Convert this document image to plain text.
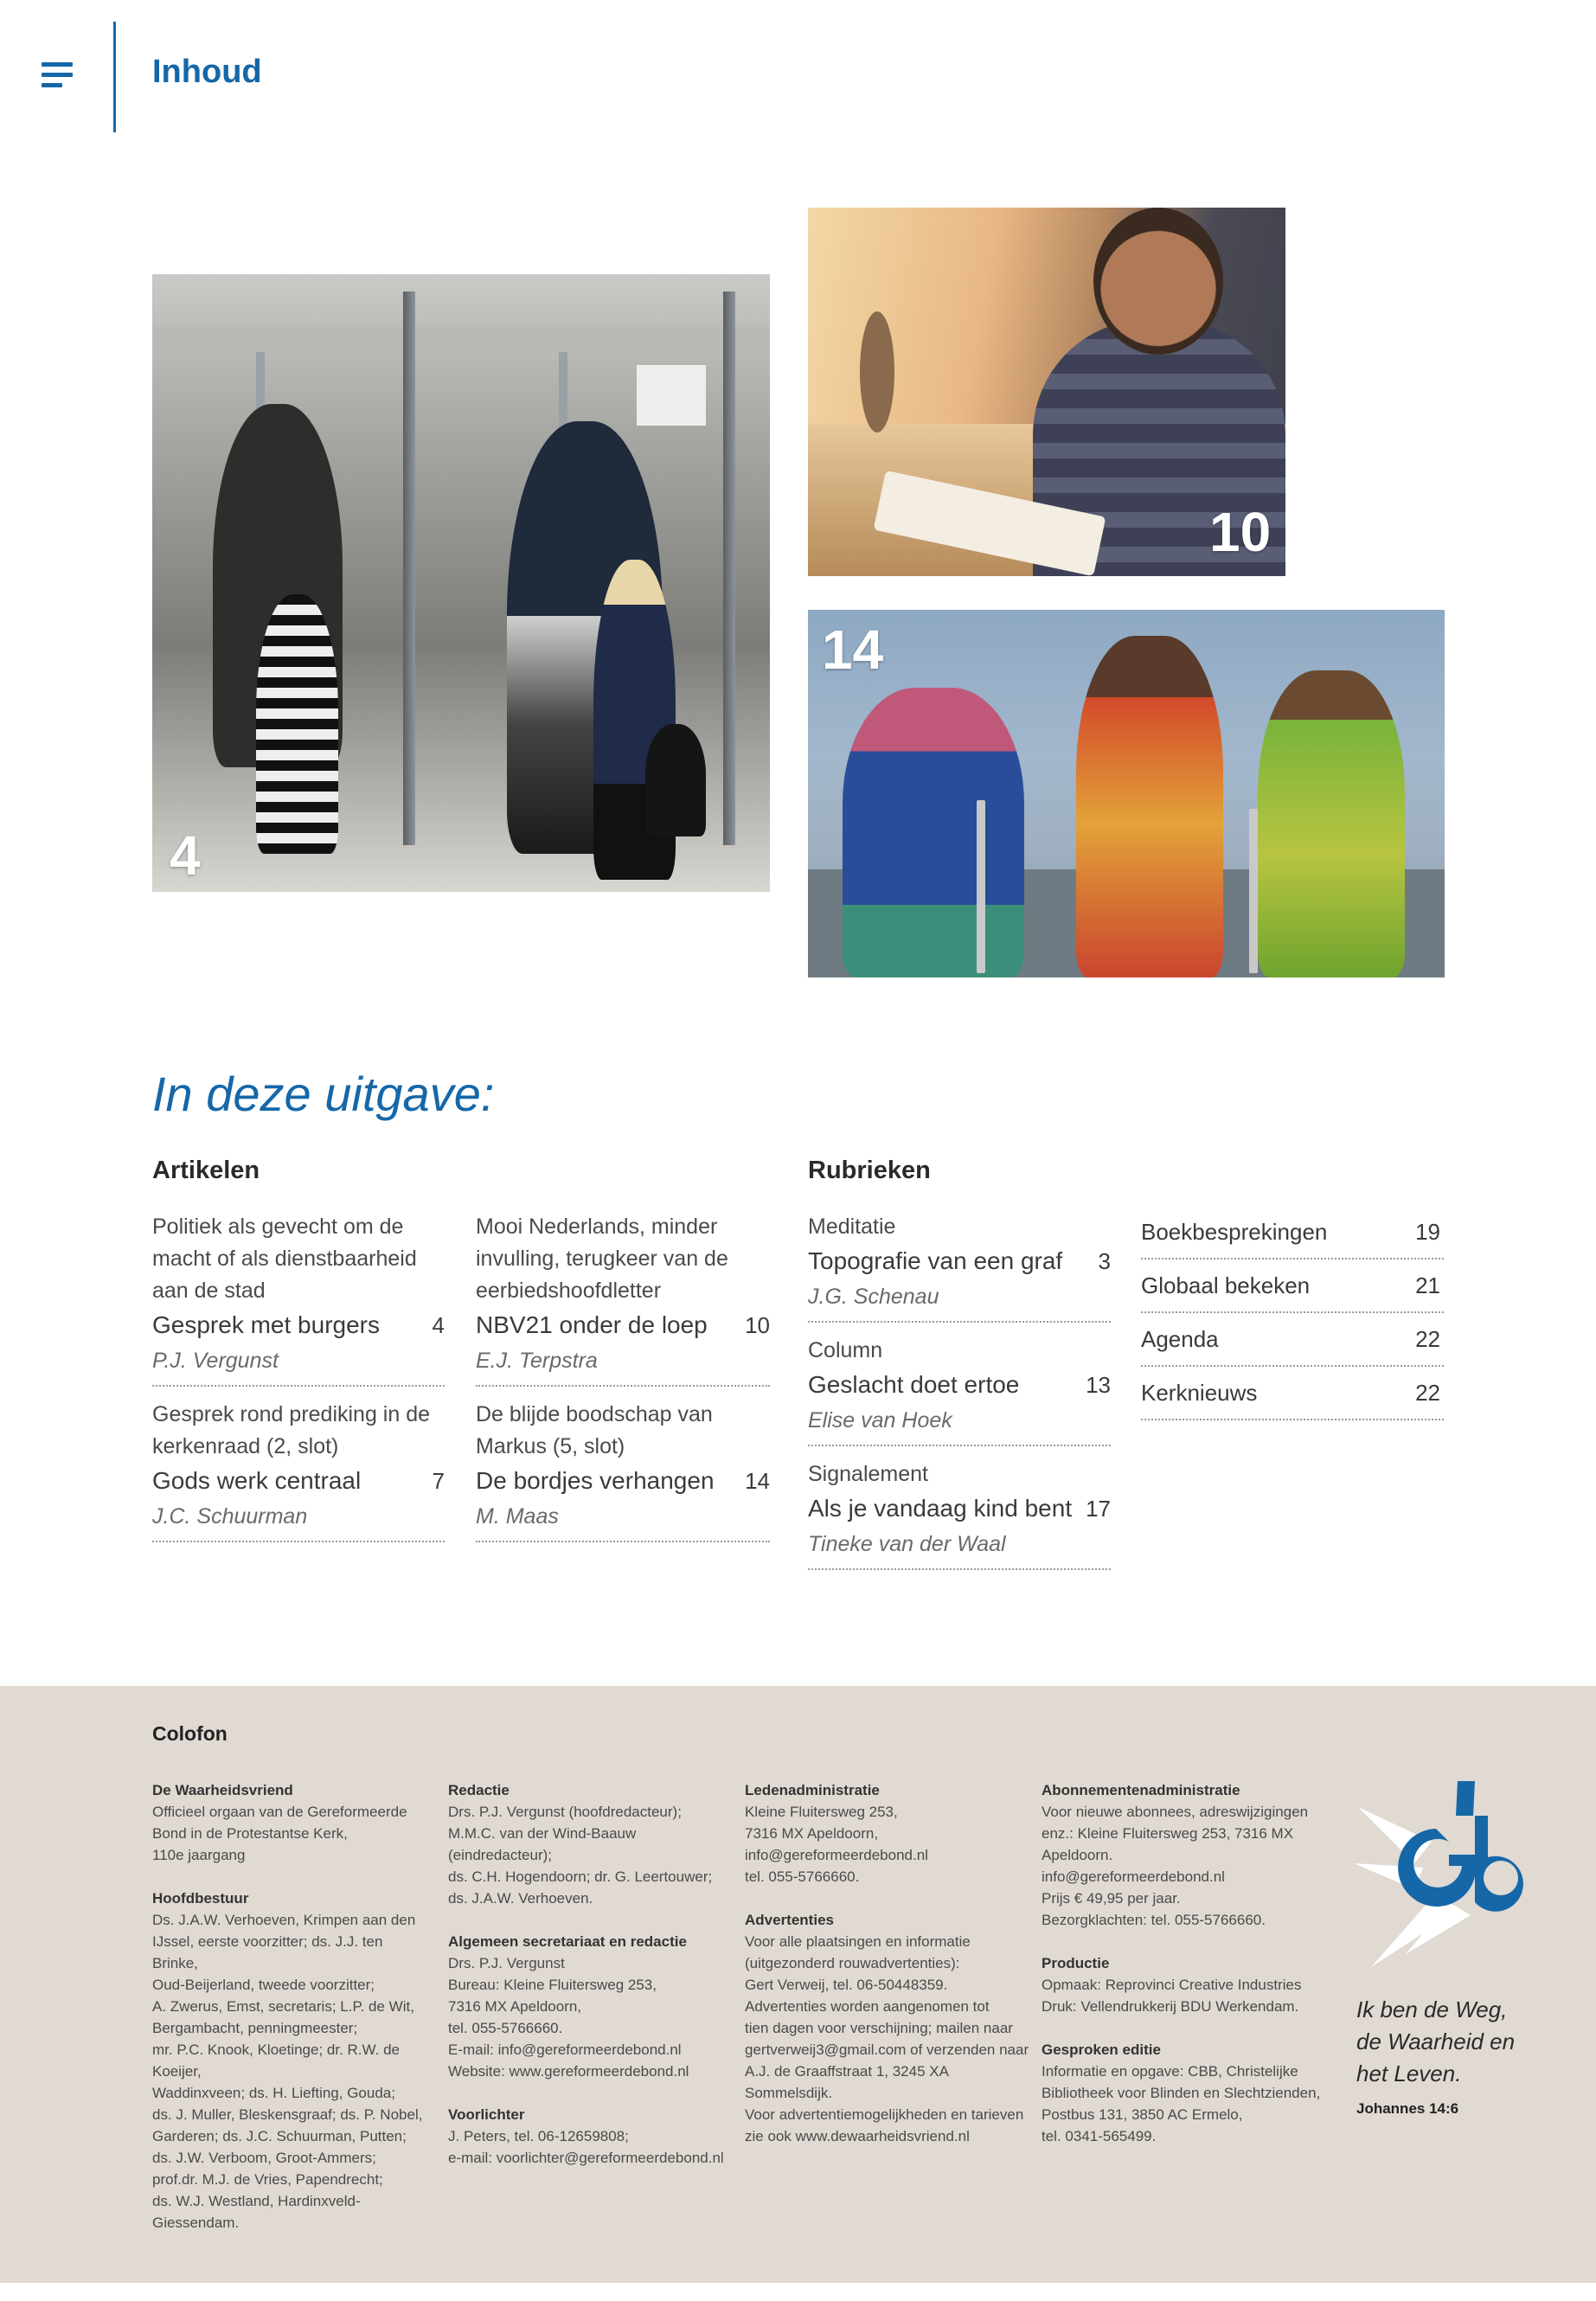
Inhoud
4
10
14
In deze uitgave:
Artikelen	Rubrieken
Politiek als gevecht om de macht of als dienstbaarheid aan de stad
Gesprek met burgers 4
P.J. Vergunst
Gesprek rond prediking in de kerkenraad (2, slot)
Gods werk centraal	7
J.C. Schuurman
Mooi Nederlands, minder invulling, terugkeer van de eerbiedshoofdletter
NBV21 onder de loep 10
E.J. Terpstra
De blijde boodschap van Markus (5, slot)
De bordjes verhangen 14
M. Maas
Meditatie
Topografie van een graf 3
J.G. Schenau
Column
Geslacht doet ertoe	13
Elise van Hoek
Signalement
Als je vandaag kind bent 17
Tineke van der Waal
Boekbesprekingen	19
Globaal bekeken	21
Agenda	22
Kerknieuws	22
Colofon
De Waarheidsvriend
Officieel orgaan van de Gereformeerde
Bond in de Protestantse Kerk,
110e jaargang
Hoofdbestuur
Ds. J.A.W. Verhoeven, Krimpen aan den
IJssel, eerste voorzitter; ds. J.J. ten Brinke,
Oud-Beijerland, tweede voorzitter;
A. Zwerus, Emst, secretaris; L.P. de Wit,
Bergambacht, penningmeester;
mr. P.C. Knook, Kloetinge; dr. R.W. de Koeijer,
Waddinxveen; ds. H. Liefting, Gouda;
ds. J. Muller, Bleskensgraaf; ds. P. Nobel,
Garderen; ds. J.C. Schuurman, Putten;
ds. J.W. Verboom, Groot-Ammers;
prof.dr. M.J. de Vries, Papendrecht;
ds. W.J. Westland, Hardinxveld-Giessendam.
Redactie
Drs. P.J. Vergunst (hoofdredacteur);
M.M.C. van der Wind-Baauw (eindredacteur);
ds. C.H. Hogendoorn; dr. G. Leertouwer;
ds. J.A.W. Verhoeven.
Algemeen secretariaat en redactie
Drs. P.J. Vergunst
Bureau: Kleine Fluitersweg 253,
7316 MX Apeldoorn,
tel. 055-5766660.
E-mail: info@gereformeerdebond.nl
Website: www.gereformeerdebond.nl
Voorlichter
J. Peters, tel. 06-12659808;
e-mail: voorlichter@gereformeerdebond.nl
Ledenadministratie
Kleine Fluitersweg 253,
7316 MX Apeldoorn,
info@gereformeerdebond.nl
tel. 055-5766660.
Advertenties
Voor alle plaatsingen en informatie
(uitgezonderd rouwadvertenties):
Gert Verweij, tel. 06-50448359.
Advertenties worden aangenomen tot
tien dagen voor verschijning; mailen naar
gertverweij3@gmail.com of verzenden naar
A.J. de Graaffstraat 1, 3245 XA Sommelsdijk.
Voor advertentiemogelijkheden en tarieven
zie ook www.dewaarheidsvriend.nl
Abonnementenadministratie
Voor nieuwe abonnees, adreswijzigingen
enz.: Kleine Fluitersweg 253, 7316 MX
Apeldoorn.
info@gereformeerdebond.nl
Prijs € 49,95 per jaar.
Bezorgklachten: tel. 055-5766660.
Productie
Opmaak: Reprovinci Creative Industries
Druk: Vellendrukkerij BDU Werkendam.
Gesproken editie
Informatie en opgave: CBB, Christelijke
Bibliotheek voor Blinden en Slechtzienden,
Postbus 131, 3850 AC Ermelo,
tel. 0341-565499.
Ik ben de Weg,
de Waarheid en
het Leven.
Johannes 14:6
